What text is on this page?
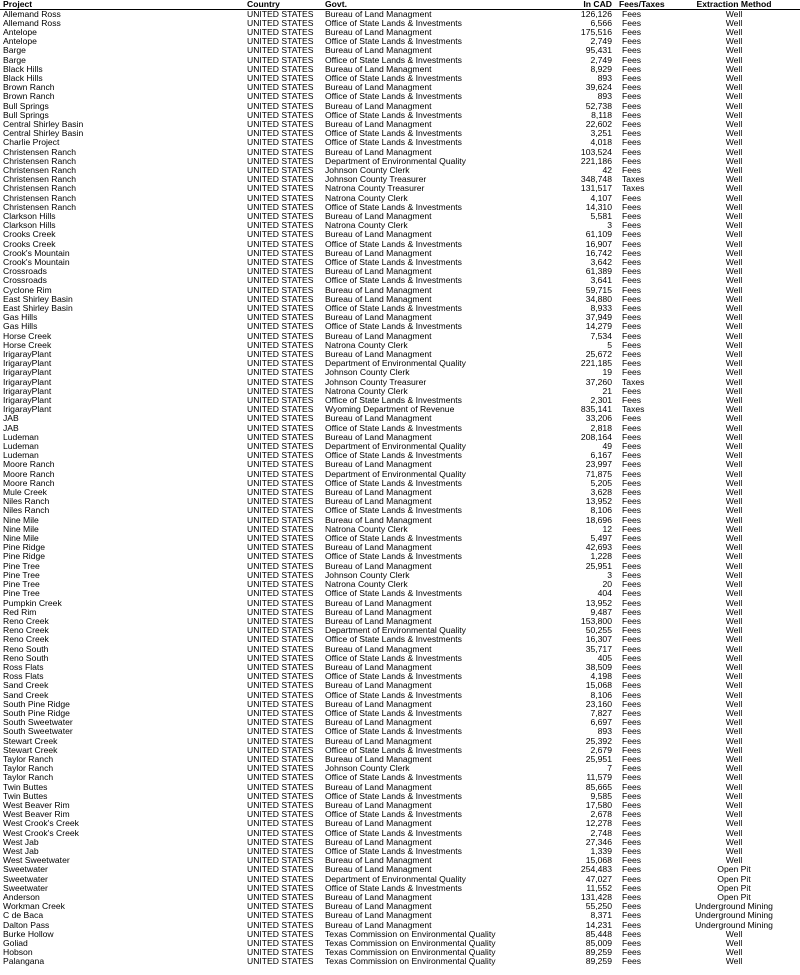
Project	Country	Govt.	In CAD	Fees/Taxes	Extraction Method
Allemand Ross	UNITED STATES	Bureau of Land Managment	126,126	Fees	Well
Allemand Ross	UNITED STATES	Office of State Lands & Investments	6,566	Fees	Well
Antelope	UNITED STATES	Bureau of Land Managment	175,516	Fees	Well
Antelope	UNITED STATES	Office of State Lands & Investments	2,749	Fees	Well
Barge	UNITED STATES	Bureau of Land Managment	95,431	Fees	Well
Barge	UNITED STATES	Office of State Lands & Investments	2,749	Fees	Well
Black Hills	UNITED STATES	Bureau of Land Managment	8,929	Fees	Well
Black Hills	UNITED STATES	Office of State Lands & Investments	893	Fees	Well
Brown Ranch	UNITED STATES	Bureau of Land Managment	39,624	Fees	Well
Brown Ranch	UNITED STATES	Office of State Lands & Investments	893	Fees	Well
Bull Springs	UNITED STATES	Bureau of Land Managment	52,738	Fees	Well
Bull Springs	UNITED STATES	Office of State Lands & Investments	8,118	Fees	Well
Central Shirley Basin	UNITED STATES	Bureau of Land Managment	22,602	Fees	Well
Central Shirley Basin	UNITED STATES	Office of State Lands & Investments	3,251	Fees	Well
Charlie Project	UNITED STATES	Office of State Lands & Investments	4,018	Fees	Well
Christensen Ranch	UNITED STATES	Bureau of Land Managment	103,524	Fees	Well
Christensen Ranch	UNITED STATES	Department of Environmental Quality	221,186	Fees	Well
Christensen Ranch	UNITED STATES	Johnson County Clerk	42	Fees	Well
Christensen Ranch	UNITED STATES	Johnson County Treasurer	348,748	Taxes	Well
Christensen Ranch	UNITED STATES	Natrona County Treasurer	131,517	Taxes	Well
Christensen Ranch	UNITED STATES	Natrona County Clerk	4,107	Fees	Well
Christensen Ranch	UNITED STATES	Office of State Lands & Investments	14,310	Fees	Well
Clarkson Hills	UNITED STATES	Bureau of Land Managment	5,581	Fees	Well
Clarkson Hills	UNITED STATES	Natrona County Clerk	3	Fees	Well
Crooks Creek	UNITED STATES	Bureau of Land Managment	61,109	Fees	Well
Crooks Creek	UNITED STATES	Office of State Lands & Investments	16,907	Fees	Well
Crook's Mountain	UNITED STATES	Bureau of Land Managment	16,742	Fees	Well
Crook's Mountain	UNITED STATES	Office of State Lands & Investments	3,642	Fees	Well
Crossroads	UNITED STATES	Bureau of Land Managment	61,389	Fees	Well
Crossroads	UNITED STATES	Office of State Lands & Investments	3,641	Fees	Well
Cyclone Rim	UNITED STATES	Bureau of Land Managment	59,715	Fees	Well
East Shirley Basin	UNITED STATES	Bureau of Land Managment	34,880	Fees	Well
East Shirley Basin	UNITED STATES	Office of State Lands & Investments	8,933	Fees	Well
Gas Hills	UNITED STATES	Bureau of Land Managment	37,949	Fees	Well
Gas Hills	UNITED STATES	Office of State Lands & Investments	14,279	Fees	Well
Horse Creek	UNITED STATES	Bureau of Land Managment	7,534	Fees	Well
Horse Creek	UNITED STATES	Natrona County Clerk	5	Fees	Well
IrigarayPlant	UNITED STATES	Bureau of Land Managment	25,672	Fees	Well
IrigarayPlant	UNITED STATES	Department of Environmental Quality	221,185	Fees	Well
IrigarayPlant	UNITED STATES	Johnson County Clerk	19	Fees	Well
IrigarayPlant	UNITED STATES	Johnson County Treasurer	37,260	Taxes	Well
IrigarayPlant	UNITED STATES	Natrona County Clerk	21	Fees	Well
IrigarayPlant	UNITED STATES	Office of State Lands & Investments	2,301	Fees	Well
IrigarayPlant	UNITED STATES	Wyoming Department of Revenue	835,141	Taxes	Well
JAB	UNITED STATES	Bureau of Land Managment	33,206	Fees	Well
JAB	UNITED STATES	Office of State Lands & Investments	2,818	Fees	Well
Ludeman	UNITED STATES	Bureau of Land Managment	208,164	Fees	Well
Ludeman	UNITED STATES	Department of Environmental Quality	49	Fees	Well
Ludeman	UNITED STATES	Office of State Lands & Investments	6,167	Fees	Well
Moore Ranch	UNITED STATES	Bureau of Land Managment	23,997	Fees	Well
Moore Ranch	UNITED STATES	Department of Environmental Quality	71,875	Fees	Well
Moore Ranch	UNITED STATES	Office of State Lands & Investments	5,205	Fees	Well
Mule Creek	UNITED STATES	Bureau of Land Managment	3,628	Fees	Well
Niles Ranch	UNITED STATES	Bureau of Land Managment	13,952	Fees	Well
Niles Ranch	UNITED STATES	Office of State Lands & Investments	8,106	Fees	Well
Nine Mile	UNITED STATES	Bureau of Land Managment	18,696	Fees	Well
Nine Mile	UNITED STATES	Natrona County Clerk	12	Fees	Well
Nine Mile	UNITED STATES	Office of State Lands & Investments	5,497	Fees	Well
Pine Ridge	UNITED STATES	Bureau of Land Managment	42,693	Fees	Well
Pine Ridge	UNITED STATES	Office of State Lands & Investments	1,228	Fees	Well
Pine Tree	UNITED STATES	Bureau of Land Managment	25,951	Fees	Well
Pine Tree	UNITED STATES	Johnson County Clerk	3	Fees	Well
Pine Tree	UNITED STATES	Natrona County Clerk	20	Fees	Well
Pine Tree	UNITED STATES	Office of State Lands & Investments	404	Fees	Well
Pumpkin Creek	UNITED STATES	Bureau of Land Managment	13,952	Fees	Well
Red Rim	UNITED STATES	Bureau of Land Managment	9,487	Fees	Well
Reno Creek	UNITED STATES	Bureau of Land Managment	153,800	Fees	Well
Reno Creek	UNITED STATES	Department of Environmental Quality	50,255	Fees	Well
Reno Creek	UNITED STATES	Office of State Lands & Investments	16,307	Fees	Well
Reno South	UNITED STATES	Bureau of Land Managment	35,717	Fees	Well
Reno South	UNITED STATES	Office of State Lands & Investments	405	Fees	Well
Ross Flats	UNITED STATES	Bureau of Land Managment	38,509	Fees	Well
Ross Flats	UNITED STATES	Office of State Lands & Investments	4,198	Fees	Well
Sand Creek	UNITED STATES	Bureau of Land Managment	15,068	Fees	Well
Sand Creek	UNITED STATES	Office of State Lands & Investments	8,106	Fees	Well
South Pine Ridge	UNITED STATES	Bureau of Land Managment	23,160	Fees	Well
South Pine Ridge	UNITED STATES	Office of State Lands & Investments	7,827	Fees	Well
South Sweetwater	UNITED STATES	Bureau of Land Managment	6,697	Fees	Well
South Sweetwater	UNITED STATES	Office of State Lands & Investments	893	Fees	Well
Stewart Creek	UNITED STATES	Bureau of Land Managment	25,392	Fees	Well
Stewart Creek	UNITED STATES	Office of State Lands & Investments	2,679	Fees	Well
Taylor Ranch	UNITED STATES	Bureau of Land Managment	25,951	Fees	Well
Taylor Ranch	UNITED STATES	Johnson County Clerk	7	Fees	Well
Taylor Ranch	UNITED STATES	Office of State Lands & Investments	11,579	Fees	Well
Twin Buttes	UNITED STATES	Bureau of Land Managment	85,665	Fees	Well
Twin Buttes	UNITED STATES	Office of State Lands & Investments	9,585	Fees	Well
West Beaver Rim	UNITED STATES	Bureau of Land Managment	17,580	Fees	Well
West Beaver Rim	UNITED STATES	Office of State Lands & Investments	2,678	Fees	Well
West Crook's Creek	UNITED STATES	Bureau of Land Managment	12,278	Fees	Well
West Crook's Creek	UNITED STATES	Office of State Lands & Investments	2,748	Fees	Well
West Jab	UNITED STATES	Bureau of Land Managment	27,346	Fees	Well
West Jab	UNITED STATES	Office of State Lands & Investments	1,339	Fees	Well
West Sweetwater	UNITED STATES	Bureau of Land Managment	15,068	Fees	Well
Sweetwater	UNITED STATES	Bureau of Land Managment	254,483	Fees	Open Pit
Sweetwater	UNITED STATES	Department of Environmental Quality	47,027	Fees	Open Pit
Sweetwater	UNITED STATES	Office of State Lands & Investments	11,552	Fees	Open Pit
Anderson	UNITED STATES	Bureau of Land Managment	131,428	Fees	Open Pit
Workman Creek	UNITED STATES	Bureau of Land Managment	55,250	Fees	Underground Mining
C de Baca	UNITED STATES	Bureau of Land Managment	8,371	Fees	Underground Mining
Dalton Pass	UNITED STATES	Bureau of Land Managment	14,231	Fees	Underground Mining
Burke Hollow	UNITED STATES	Texas Commission on Environmental Quality	85,448	Fees	Well
Goliad	UNITED STATES	Texas Commission on Environmental Quality	85,009	Fees	Well
Hobson	UNITED STATES	Texas Commission on Environmental Quality	89,259	Fees	Well
Palangana	UNITED STATES	Texas Commission on Environmental Quality	89,259	Fees	Well
